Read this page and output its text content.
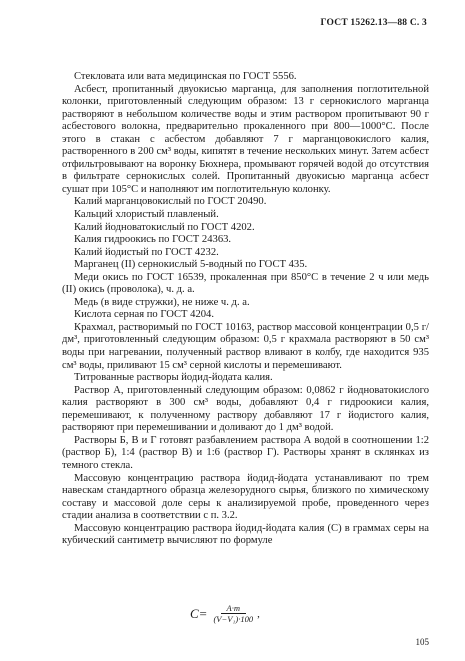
ГОСТ 15262.13—88 С. 3

Стекловата или вата медицинская по ГОСТ 5556.

Асбест, пропитанный двуокисью марганца, для заполнения поглотительной колонки, приготовленный следующим образом: 13 г сернокислого марганца растворяют в небольшом количестве воды и этим раствором пропитывают 90 г асбестового волокна, предварительно прокаленного при 800—1000°С. После этого в стакан с асбестом добавляют 7 г марганцовокислого калия, растворенного в 200 см³ воды, кипятят в течение нескольких минут. Затем асбест отфильтровывают на воронку Бюхнера, промывают горячей водой до отсутствия в фильтрате сернокислых солей. Пропитанный двуокисью марганца асбест сушат при 105°С и наполняют им поглотительную колонку.

Калий марганцовокислый по ГОСТ 20490.

Кальций хлористый плавленый.

Калий йодноватокислый по ГОСТ 4202.

Калия гидроокись по ГОСТ 24363.

Калий йодистый по ГОСТ 4232.

Марганец (II) сернокислый 5-водный по ГОСТ 435.

Меди окись по ГОСТ 16539, прокаленная при 850°С в течение 2 ч или медь (II) окись (проволока), ч. д. а.

Медь (в виде стружки), не ниже ч. д. а.

Кислота серная по ГОСТ 4204.

Крахмал, растворимый по ГОСТ 10163, раствор массовой концентрации 0,5 г/дм³, приготовленный следующим образом: 0,5 г крахмала растворяют в 50 см³ воды при нагревании, полученный раствор вливают в колбу, где находится 935 см³ воды, приливают 15 см³ серной кислоты и перемешивают.

Титрованные растворы йодид-йодата калия.

Раствор А, приготовленный следующим образом: 0,0862 г йодноватокислого калия растворяют в 300 см³ воды, добавляют 0,4 г гидроокиси калия, перемешивают, к полученному раствору добавляют 17 г йодистого калия, растворяют при перемешивании и доливают до 1 дм³ водой.

Растворы Б, В и Г готовят разбавлением раствора А водой в соотношении 1:2 (раствор Б), 1:4 (раствор В) и 1:6 (раствор Г). Растворы хранят в склянках из темного стекла.

Массовую концентрацию раствора йодид-йодата устанавливают по трем навескам стандартного образца железорудного сырья, близкого по химическому составу и массовой доле серы к анализируемой пробе, проведенного через стадии анализа в соответствии с п. 3.2.

Массовую концентрацию раствора йодид-йодата калия (С) в граммах серы на кубический сантиметр вычисляют по формуле

$C= \frac{A\cdot m}{\text{(V−V₁)·100}}$ ,
105
